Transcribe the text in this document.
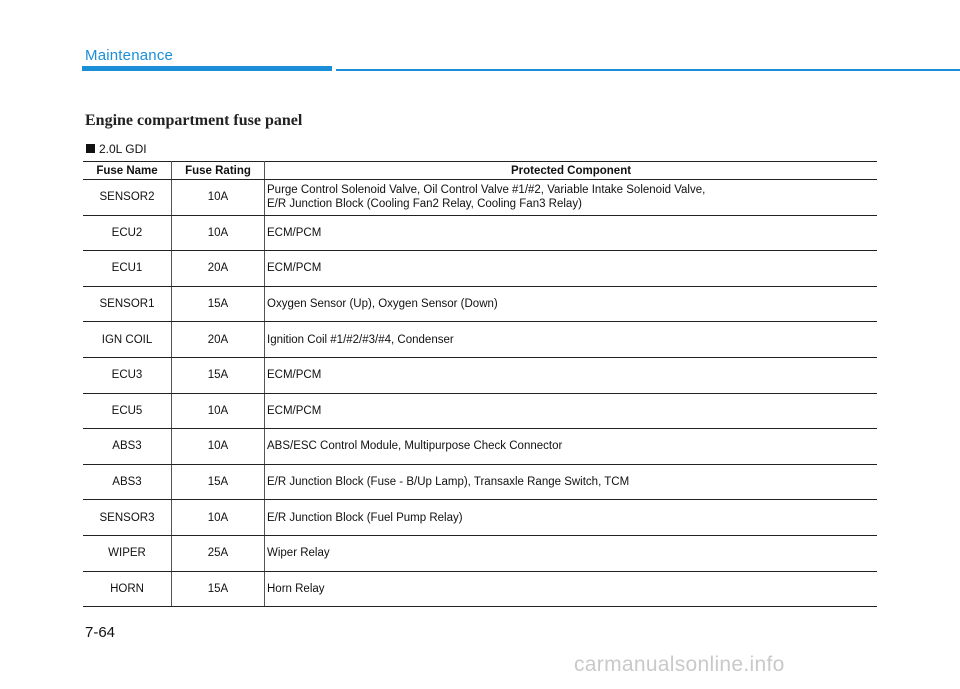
Maintenance
Engine compartment fuse panel
2.0L GDI
Fuse Name	Fuse Rating	Protected Component
SENSOR2	10A	Purge Control Solenoid Valve, Oil Control Valve #1/#2, Variable Intake Solenoid Valve,
E/R Junction Block (Cooling Fan2 Relay, Cooling Fan3 Relay)

ECU2	10A	ECM/PCM
ECU1	20A	ECM/PCM
SENSOR1	15A	Oxygen Sensor (Up), Oxygen Sensor (Down)
IGN COIL	20A	Ignition Coil #1/#2/#3/#4, Condenser
ECU3	15A	ECM/PCM
ECU5	10A	ECM/PCM
ABS3	10A	ABS/ESC Control Module, Multipurpose Check Connector
ABS3	15A	E/R Junction Block (Fuse - B/Up Lamp), Transaxle Range Switch, TCM
SENSOR3	10A	E/R Junction Block (Fuel Pump Relay)
WIPER	25A	Wiper Relay
HORN	15A	Horn Relay
7-64
carmanualsonline.info
